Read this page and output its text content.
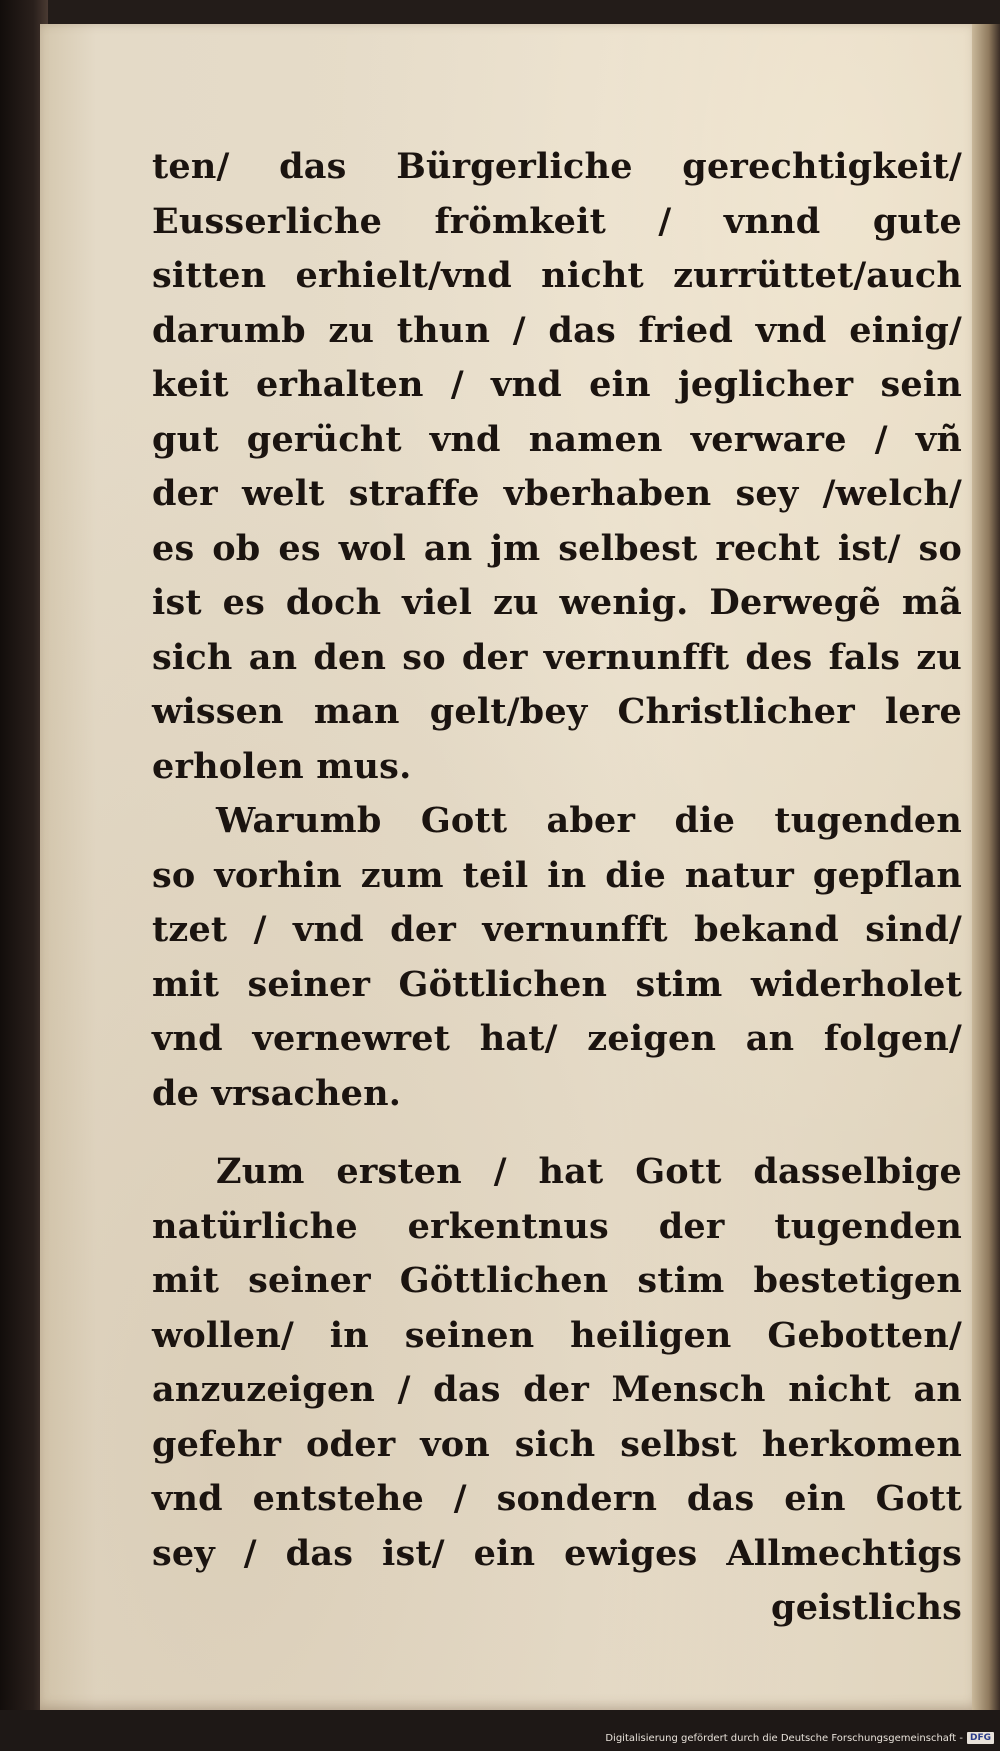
ten/ das Bürgerliche gerechtigkeit/
Eusserliche frömkeit / vnnd gute
sitten erhielt/vnd nicht zurrüttet/auch
darumb zu thun / das fried vnd einig/
keit erhalten / vnd ein jeglicher sein
gut gerücht vnd namen verware / vñ
der welt straffe vberhaben sey /welch/
es ob es wol an jm selbest recht ist/ so
ist es doch viel zu wenig. Derwegẽ mã
sich an den so der vernunfft des fals zu
wissen man gelt/bey Christlicher lere
erholen mus.
Warumb Gott aber die tugenden
so vorhin zum teil in die natur gepflan
tzet / vnd der vernunfft bekand sind/
mit seiner Göttlichen stim widerholet
vnd vernewret hat/ zeigen an folgen/
de vrsachen.
Zum ersten / hat Gott dasselbige
natürliche erkentnus der tugenden
mit seiner Göttlichen stim bestetigen
wollen/ in seinen heiligen Gebotten/
anzuzeigen / das der Mensch nicht an
gefehr oder von sich selbst herkomen
vnd entstehe / sondern das ein Gott
sey / das ist/ ein ewiges Allmechtigs
geistlichs
Digitalisierung gefördert durch die Deutsche Forschungsgemeinschaft - DFG
